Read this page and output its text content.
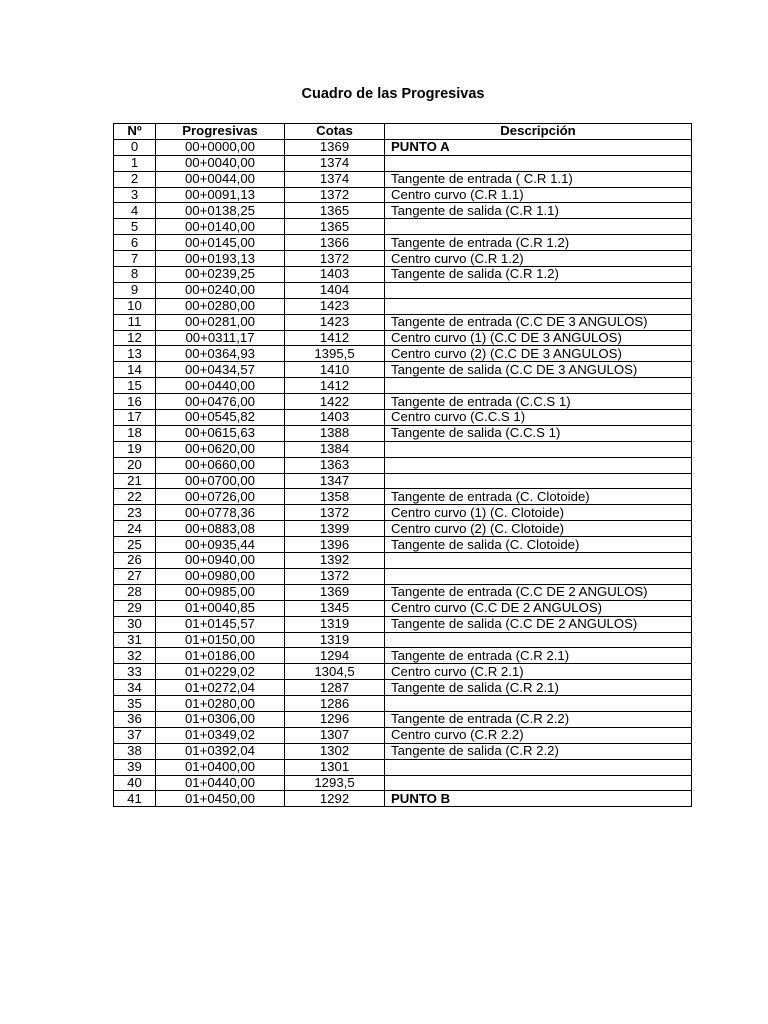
Cuadro de las Progresivas
Nº	Progresivas	Cotas	Descripción
0	00+0000,00	1369	PUNTO A
1	00+0040,00	1374	
2	00+0044,00	1374	Tangente de entrada ( C.R 1.1)
3	00+0091,13	1372	Centro curvo (C.R 1.1)
4	00+0138,25	1365	Tangente de salida (C.R 1.1)
5	00+0140,00	1365	
6	00+0145,00	1366	Tangente de entrada (C.R 1.2)
7	00+0193,13	1372	Centro curvo (C.R 1.2)
8	00+0239,25	1403	Tangente de salida (C.R 1.2)
9	00+0240,00	1404	
10	00+0280,00	1423	
11	00+0281,00	1423	Tangente de entrada (C.C DE 3 ANGULOS)
12	00+0311,17	1412	Centro curvo (1) (C.C DE 3 ANGULOS)
13	00+0364,93	1395,5	Centro curvo (2) (C.C DE 3 ANGULOS)
14	00+0434,57	1410	Tangente de salida (C.C DE 3 ANGULOS)
15	00+0440,00	1412	
16	00+0476,00	1422	Tangente de entrada (C.C.S 1)
17	00+0545,82	1403	Centro curvo (C.C.S 1)
18	00+0615,63	1388	Tangente de salida (C.C.S 1)
19	00+0620,00	1384	
20	00+0660,00	1363	
21	00+0700,00	1347	
22	00+0726,00	1358	Tangente de entrada (C. Clotoide)
23	00+0778,36	1372	Centro curvo (1) (C. Clotoide)
24	00+0883,08	1399	Centro curvo (2) (C. Clotoide)
25	00+0935,44	1396	Tangente de salida (C. Clotoide)
26	00+0940,00	1392	
27	00+0980,00	1372	
28	00+0985,00	1369	Tangente de entrada (C.C DE 2 ANGULOS)
29	01+0040,85	1345	Centro curvo (C.C DE 2 ANGULOS)
30	01+0145,57	1319	Tangente de salida (C.C DE 2 ANGULOS)
31	01+0150,00	1319	
32	01+0186,00	1294	Tangente de entrada (C.R 2.1)
33	01+0229,02	1304,5	Centro curvo (C.R 2.1)
34	01+0272,04	1287	Tangente de salida (C.R 2.1)
35	01+0280,00	1286	
36	01+0306,00	1296	Tangente de entrada (C.R 2.2)
37	01+0349,02	1307	Centro curvo (C.R 2.2)
38	01+0392,04	1302	Tangente de salida (C.R 2.2)
39	01+0400,00	1301	
40	01+0440,00	1293,5	
41	01+0450,00	1292	PUNTO B
